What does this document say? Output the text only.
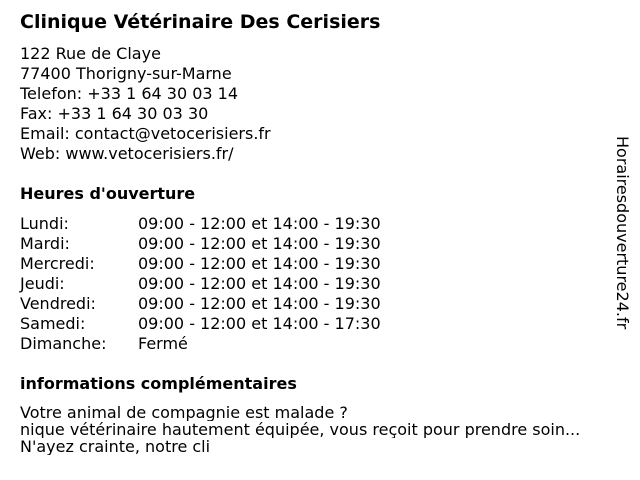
Clinique Vétérinaire Des Cerisiers
122 Rue de Claye
77400 Thorigny-sur-Marne
Telefon: +33 1 64 30 03 14
Fax: +33 1 64 30 03 30
Email: contact@vetocerisiers.fr
Web: www.vetocerisiers.fr/
Heures d'ouverture
Lundi:	09:00 - 12:00 et 14:00 - 19:30
Mardi:	09:00 - 12:00 et 14:00 - 19:30
Mercredi:	09:00 - 12:00 et 14:00 - 19:30
Jeudi:	09:00 - 12:00 et 14:00 - 19:30
Vendredi:	09:00 - 12:00 et 14:00 - 19:30
Samedi:	09:00 - 12:00 et 14:00 - 17:30
Dimanche: Fermé
informations complémentaires
Votre animal de compagnie est malade ?
nique vétérinaire hautement équipée, vous reçoit pour prendre soin...
N'ayez crainte, notre cli
Horairesdouverture24.fr
